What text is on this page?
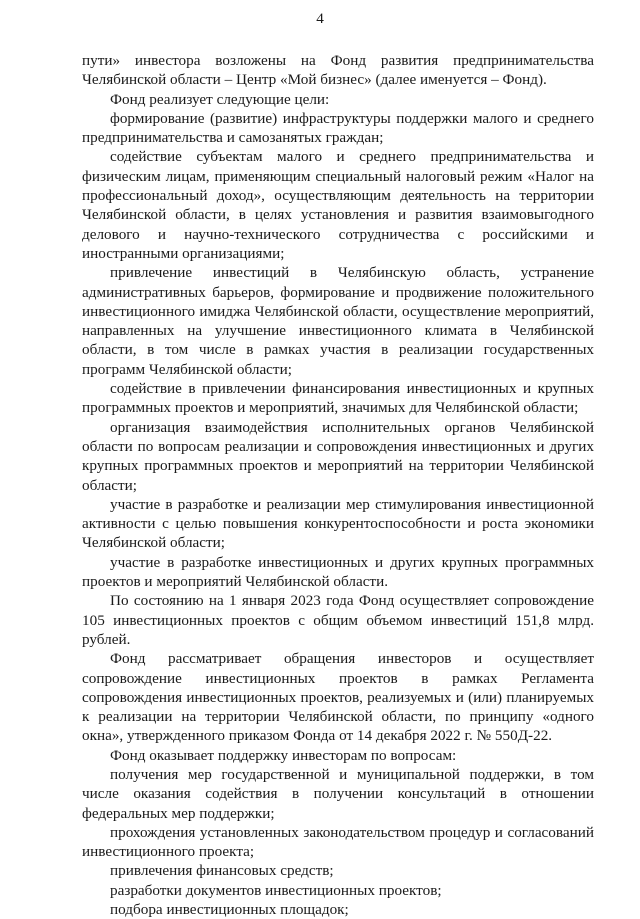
4

пути» инвестора возложены на Фонд развития предпринимательства Челябинской области – Центр «Мой бизнес» (далее именуется – Фонд).

Фонд реализует следующие цели:

формирование (развитие) инфраструктуры поддержки малого и среднего предпринимательства и самозанятых граждан;

содействие субъектам малого и среднего предпринимательства и физическим лицам, применяющим специальный налоговый режим «Налог на профессиональный доход», осуществляющим деятельность на территории Челябинской области, в целях установления и развития взаимовыгодного делового и научно-технического сотрудничества с российскими и иностранными организациями;

привлечение инвестиций в Челябинскую область, устранение административных барьеров, формирование и продвижение положительного инвестиционного имиджа Челябинской области, осуществление мероприятий, направленных на улучшение инвестиционного климата в Челябинской области, в том числе в рамках участия в реализации государственных программ Челябинской области;

содействие в привлечении финансирования инвестиционных и крупных программных проектов и мероприятий, значимых для Челябинской области;

организация взаимодействия исполнительных органов Челябинской области по вопросам реализации и сопровождения инвестиционных и других крупных программных проектов и мероприятий на территории Челябинской области;

участие в разработке и реализации мер стимулирования инвестиционной активности с целью повышения конкурентоспособности и роста экономики Челябинской области;

участие в разработке инвестиционных и других крупных программных проектов и мероприятий Челябинской области.

По состоянию на 1 января 2023 года Фонд осуществляет сопровождение 105 инвестиционных проектов с общим объемом инвестиций 151,8 млрд. рублей.

Фонд рассматривает обращения инвесторов и осуществляет сопровождение инвестиционных проектов в рамках Регламента сопровождения инвестиционных проектов, реализуемых и (или) планируемых к реализации на территории Челябинской области, по принципу «одного окна», утвержденного приказом Фонда от 14 декабря 2022 г. № 550Д-22.

Фонд оказывает поддержку инвесторам по вопросам:

получения мер государственной и муниципальной поддержки, в том числе оказания содействия в получении консультаций в отношении федеральных мер поддержки;

прохождения установленных законодательством процедур и согласований инвестиционного проекта;

привлечения финансовых средств;

разработки документов инвестиционных проектов;

подбора инвестиционных площадок;
